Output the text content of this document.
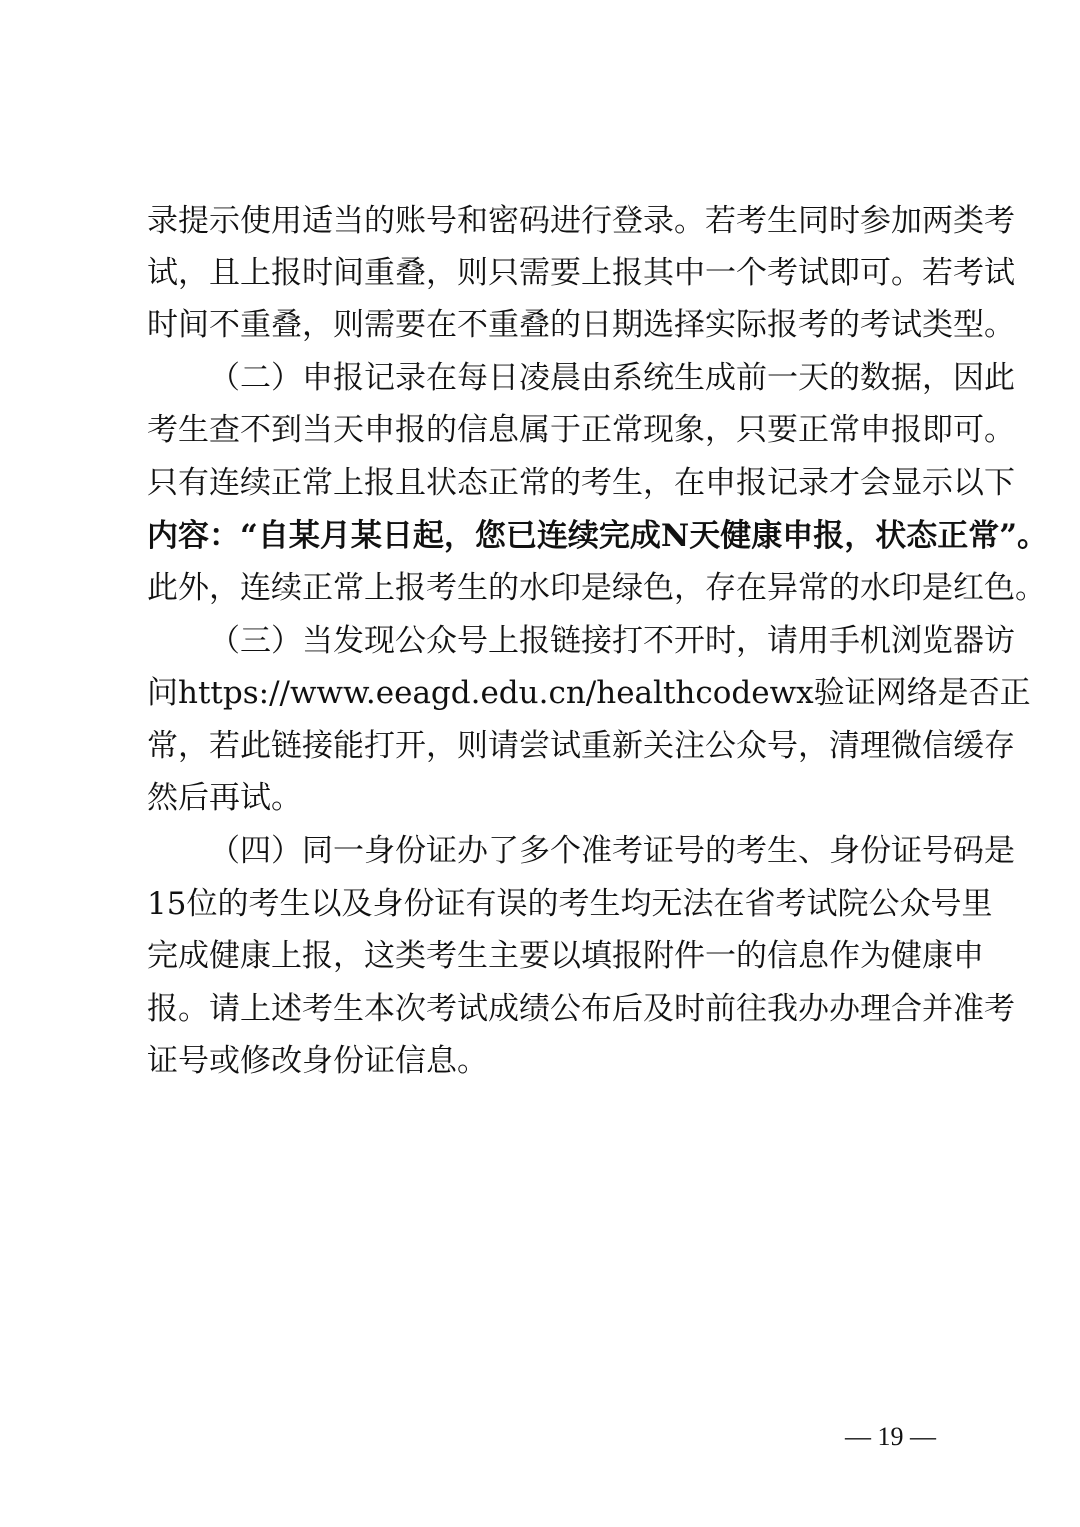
录 提 示 使 用 适 当 的 账 号 和 密 码 进 行 登 录 。 若 考 生 同 时 参 加 两 类 考
试 ， 且 上 报 时 间 重 叠 ， 则 只 需 要 上 报 其 中 一 个 考 试 即 可 。 若 考 试
时 间 不 重 叠 ， 则 需 要 在 不 重 叠 的 日 期 选 择 实 际 报 考 的 考 试 类 型 。

（ 二 ） 申 报 记 录 在 每 日 凌 晨 由 系 统 生 成 前 一 天 的 数 据 ， 因 此
考 生 查 不 到 当 天 申 报 的 信 息 属 于 正 常 现 象 ， 只 要 正 常 申 报 即 可 。
只 有 连 续 正 常 上 报 且 状 态 正 常 的 考 生 ， 在 申 报 记 录 才 会 显 示 以 下
内 容 ： “ 自 某 月 某 日 起 ， 您 已 连 续 完 成 N 天 健 康 申 报 ， 状 态 正 常 ” 。
此 外 ， 连 续 正 常 上 报 考 生 的 水 印 是 绿 色 ， 存 在 异 常 的 水 印 是 红 色 。

（ 三 ） 当 发 现 公 众 号 上 报 链 接 打 不 开 时 ， 请 用 手 机 浏 览 器 访
问 https://www.eeagd.edu.cn/healthcodewx 验 证 网 络 是 否 正
常 ， 若 此 链 接 能 打 开 ， 则 请 尝 试 重 新 关 注 公 众 号 ， 清 理 微 信 缓 存
然后再试。

（ 四 ） 同 一 身 份 证 办 了 多 个 准 考 证 号 的 考 生 、 身 份 证 号 码 是
15 位 的 考 生 以 及 身 份 证 有 误 的 考 生 均 无 法 在 省 考 试 院 公 众 号 里
完 成 健 康 上 报 ， 这 类 考 生 主 要 以 填 报 附 件 一 的 信 息 作 为 健 康 申
报 。 请 上 述 考 生 本 次 考 试 成 绩 公 布 后 及 时 前 往 我 办 办 理 合 并 准 考
证号或修改身份证信息。
— 19 —
